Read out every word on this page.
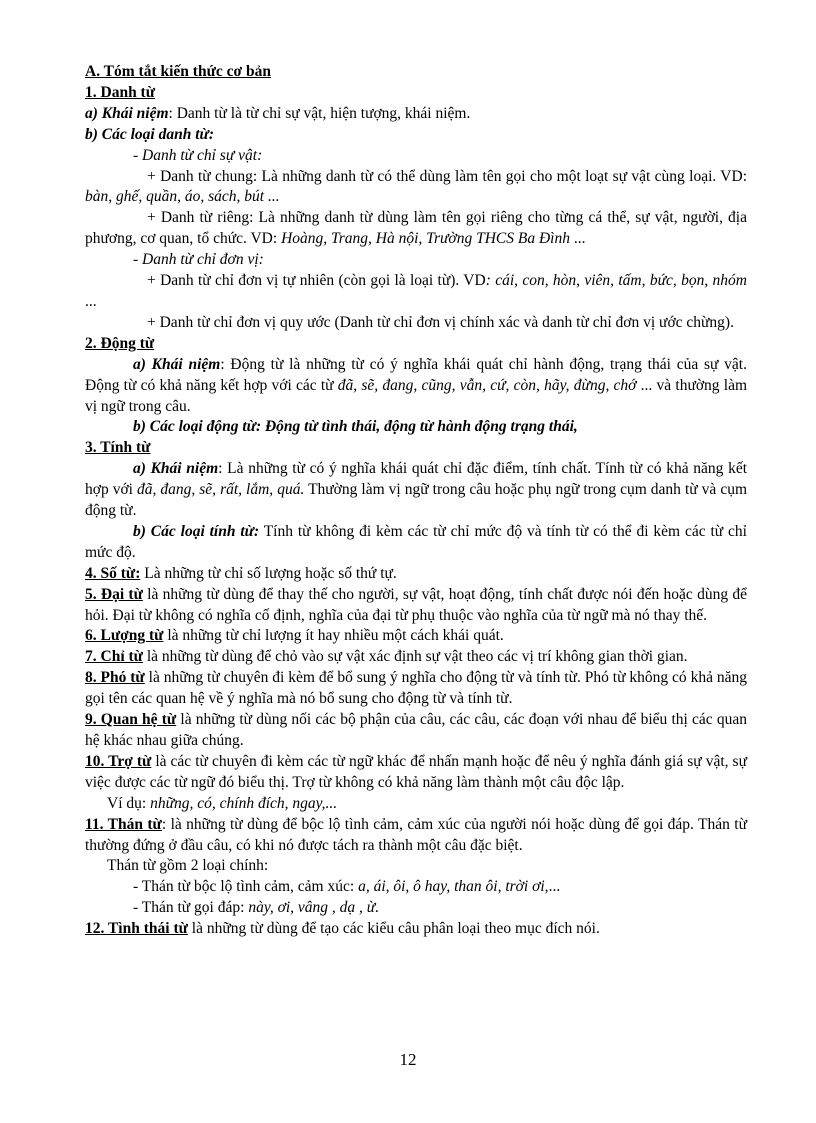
A. Tóm tắt kiến thức cơ bản

1. Danh từ

a) Khái niệm: Danh từ là từ chỉ sự vật, hiện tượng, khái niệm.

b) Các loại danh từ:

- Danh từ chỉ sự vật:

+ Danh từ chung: Là những danh từ có thể dùng làm tên gọi cho một loạt sự vật cùng loại. VD: bàn, ghế, quần, áo, sách, bút ...

+ Danh từ riêng: Là những danh từ dùng làm tên gọi riêng cho từng cá thể, sự vật, người, địa phương, cơ quan, tổ chức. VD: Hoàng, Trang, Hà nội, Trường THCS Ba Đình ...

- Danh từ chỉ đơn vị:

+ Danh từ chỉ đơn vị tự nhiên (còn gọi là loại từ). VD: cái, con, hòn, viên, tấm, bức, bọn, nhóm ...

+ Danh từ chỉ đơn vị quy ước (Danh từ chỉ đơn vị chính xác và danh từ chỉ đơn vị ước chừng).

2. Động từ

a) Khái niệm: Động từ là những từ có ý nghĩa khái quát chỉ hành động, trạng thái của sự vật. Động từ có khả năng kết hợp với các từ đã, sẽ, đang, cũng, vẫn, cứ, còn, hãy, đừng, chớ ... và thường làm vị ngữ trong câu.

b) Các loại động từ: Động từ tình thái, động từ hành động trạng thái,

3. Tính từ

a) Khái niệm: Là những từ có ý nghĩa khái quát chỉ đặc điểm, tính chất. Tính từ có khả năng kết hợp với đã, đang, sẽ, rất, lắm, quá. Thường làm vị ngữ trong câu hoặc phụ ngữ trong cụm danh từ và cụm động từ.

b) Các loại tính từ: Tính từ không đi kèm các từ chỉ mức độ và tính từ có thể đi kèm các từ chỉ mức độ.

4. Số từ: Là những từ chỉ số lượng hoặc số thứ tự.

5. Đại từ là những từ dùng để thay thế cho người, sự vật, hoạt động, tính chất được nói đến hoặc dùng để hỏi. Đại từ không có nghĩa cố định, nghĩa của đại từ phụ thuộc vào nghĩa của từ ngữ mà nó thay thế.

6. Lượng từ là những từ chỉ lượng ít hay nhiều một cách khái quát.

7. Chỉ từ là những từ dùng để chỏ vào sự vật xác định sự vật theo các vị trí không gian thời gian.

8. Phó từ là những từ chuyên đi kèm để bổ sung ý nghĩa cho động từ và tính từ. Phó từ không có khả năng gọi tên các quan hệ về ý nghĩa mà nó bổ sung cho động từ và tính từ.

9. Quan hệ từ là những từ dùng nối các bộ phận của câu, các câu, các đoạn với nhau để biểu thị các quan hệ khác nhau giữa chúng.

10. Trợ từ là các từ chuyên đi kèm các từ ngữ khác để nhấn mạnh hoặc để nêu ý nghĩa đánh giá sự vật, sự việc được các từ ngữ đó biểu thị. Trợ từ không có khả năng làm thành một câu độc lập.

Ví dụ: những, có, chính đích, ngay,...

11. Thán từ: là những từ dùng để bộc lộ tình cảm, cảm xúc của người nói hoặc dùng để gọi đáp. Thán từ thường đứng ở đầu câu, có khi nó được tách ra thành một câu đặc biệt.

Thán từ gồm 2 loại chính:

- Thán từ bộc lộ tình cảm, cảm xúc: a, ái, ôi, ô hay, than ôi, trời ơi,...

- Thán từ gọi đáp: này, ơi, vâng , dạ , ừ.

12. Tình thái từ là những từ dùng để tạo các kiểu câu phân loại theo mục đích nói.

12
